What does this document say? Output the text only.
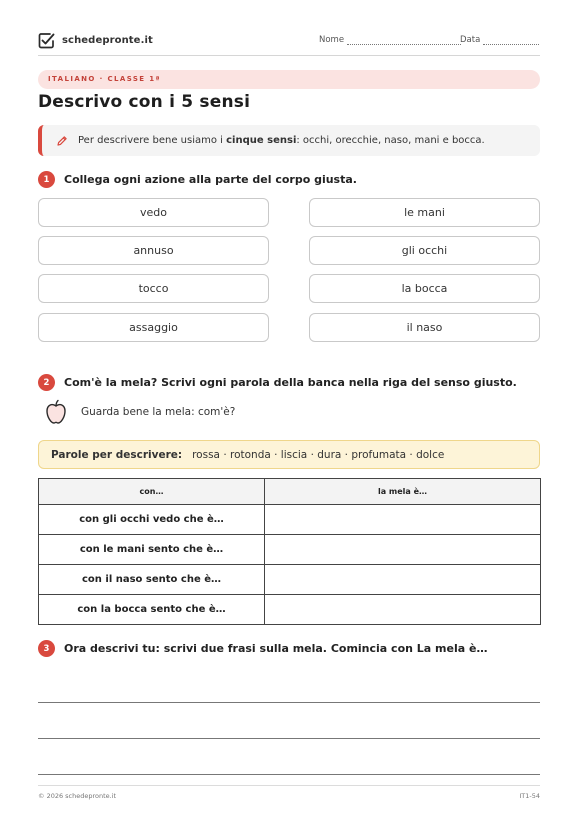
schedepronte.it	Nome	Data
ITALIANO · CLASSE 1ª
Descrivo con i 5 sensi
Per descrivere bene usiamo i cinque sensi: occhi, orecchie, naso, mani e bocca.
1	Collega ogni azione alla parte del corpo giusta.
vedo
annuso
tocco
assaggio
le mani
gli occhi
la bocca
il naso
2	Com'è la mela? Scrivi ogni parola della banca nella riga del senso giusto.
Guarda bene la mela: com'è?
Parole per descrivere: rossa · rotonda · liscia · dura · profumata · dolce
con…	la mela è…
con gli occhi vedo che è…	
con le mani sento che è…	
con il naso sento che è…	
con la bocca sento che è…	
3	Ora descrivi tu: scrivi due frasi sulla mela. Comincia con La mela è…
© 2026 schedepronte.it	IT1-54
